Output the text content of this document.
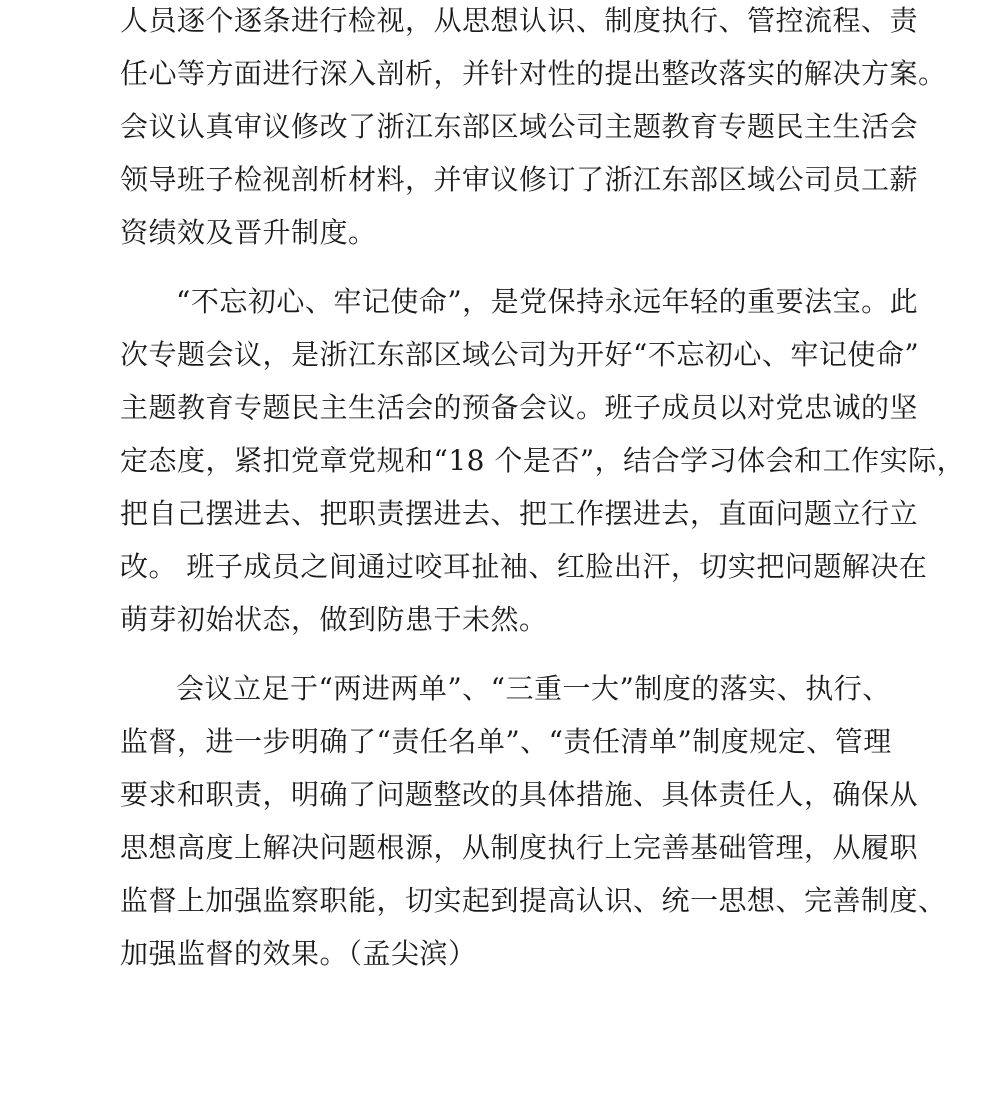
人员逐个逐条进行检视，从思想认识、制度执行、管控流程、责
任心等方面进行深入剖析，并针对性的提出整改落实的解决方案。
会议认真审议修改了浙江东部区域公司主题教育专题民主生活会
领导班子检视剖析材料，并审议修订了浙江东部区域公司员工薪
资绩效及晋升制度。
“不忘初心、牢记使命”，是党保持永远年轻的重要法宝。此
次专题会议，是浙江东部区域公司为开好“不忘初心、牢记使命”
主题教育专题民主生活会的预备会议。班子成员以对党忠诚的坚
定态度，紧扣党章党规和“18 个是否”，结合学习体会和工作实际，
把自己摆进去、把职责摆进去、把工作摆进去，直面问题立行立
改。 班子成员之间通过咬耳扯袖、红脸出汗，切实把问题解决在
萌芽初始状态，做到防患于未然。
会议立足于“两进两单”、“三重一大”制度的落实、执行、
监督，进一步明确了“责任名单”、“责任清单”制度规定、管理
要求和职责，明确了问题整改的具体措施、具体责任人，确保从
思想高度上解决问题根源，从制度执行上完善基础管理，从履职
监督上加强监察职能，切实起到提高认识、统一思想、完善制度、
加强监督的效果。（孟尖滨）
